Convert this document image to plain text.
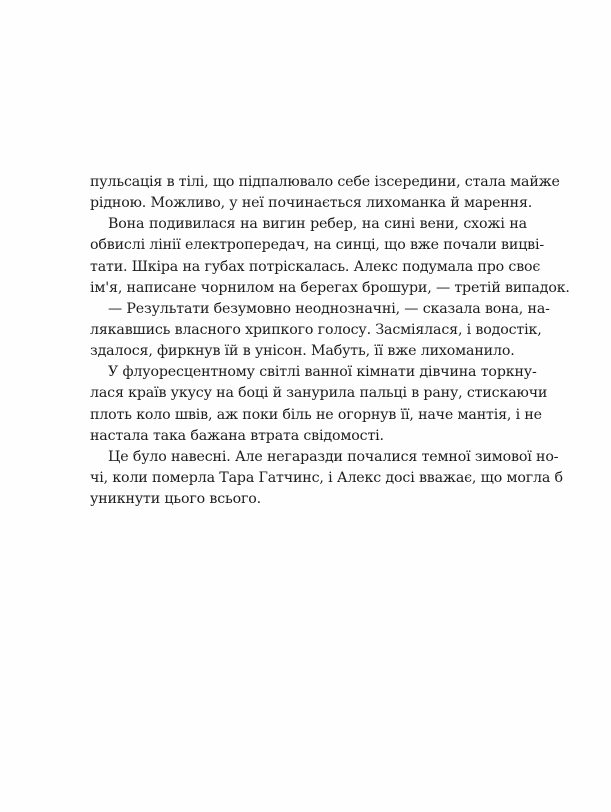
пульсація в тілі, що підпалювало себе ізсередини, стала майже
рідною. Можливо, у неї починається лихоманка й марення.
Вона подивилася на вигин ребер, на сині вени, схожі на
обвислі лінії електропередач, на синці, що вже почали вицві-
тати. Шкіра на губах потріскалась. Алекс подумала про своє
ім'я, написане чорнилом на берегах брошури, — третій випадок.
— Результати безумовно неоднозначні, — сказала вона, на-
лякавшись власного хрипкого голосу. Засміялася, і водостік,
здалося, фиркнув їй в унісон. Мабуть, її вже лихоманило.
У флуоресцентному світлі ванної кімнати дівчина торкну-
лася країв укусу на боці й занурила пальці в рану, стискаючи
плоть коло швів, аж поки біль не огорнув її, наче мантія, і не
настала така бажана втрата свідомості.
Це було навесні. Але негаразди почалися темної зимової но-
чі, коли померла Тара Гатчинс, і Алекс досі вважає, що могла б
уникнути цього всього.
